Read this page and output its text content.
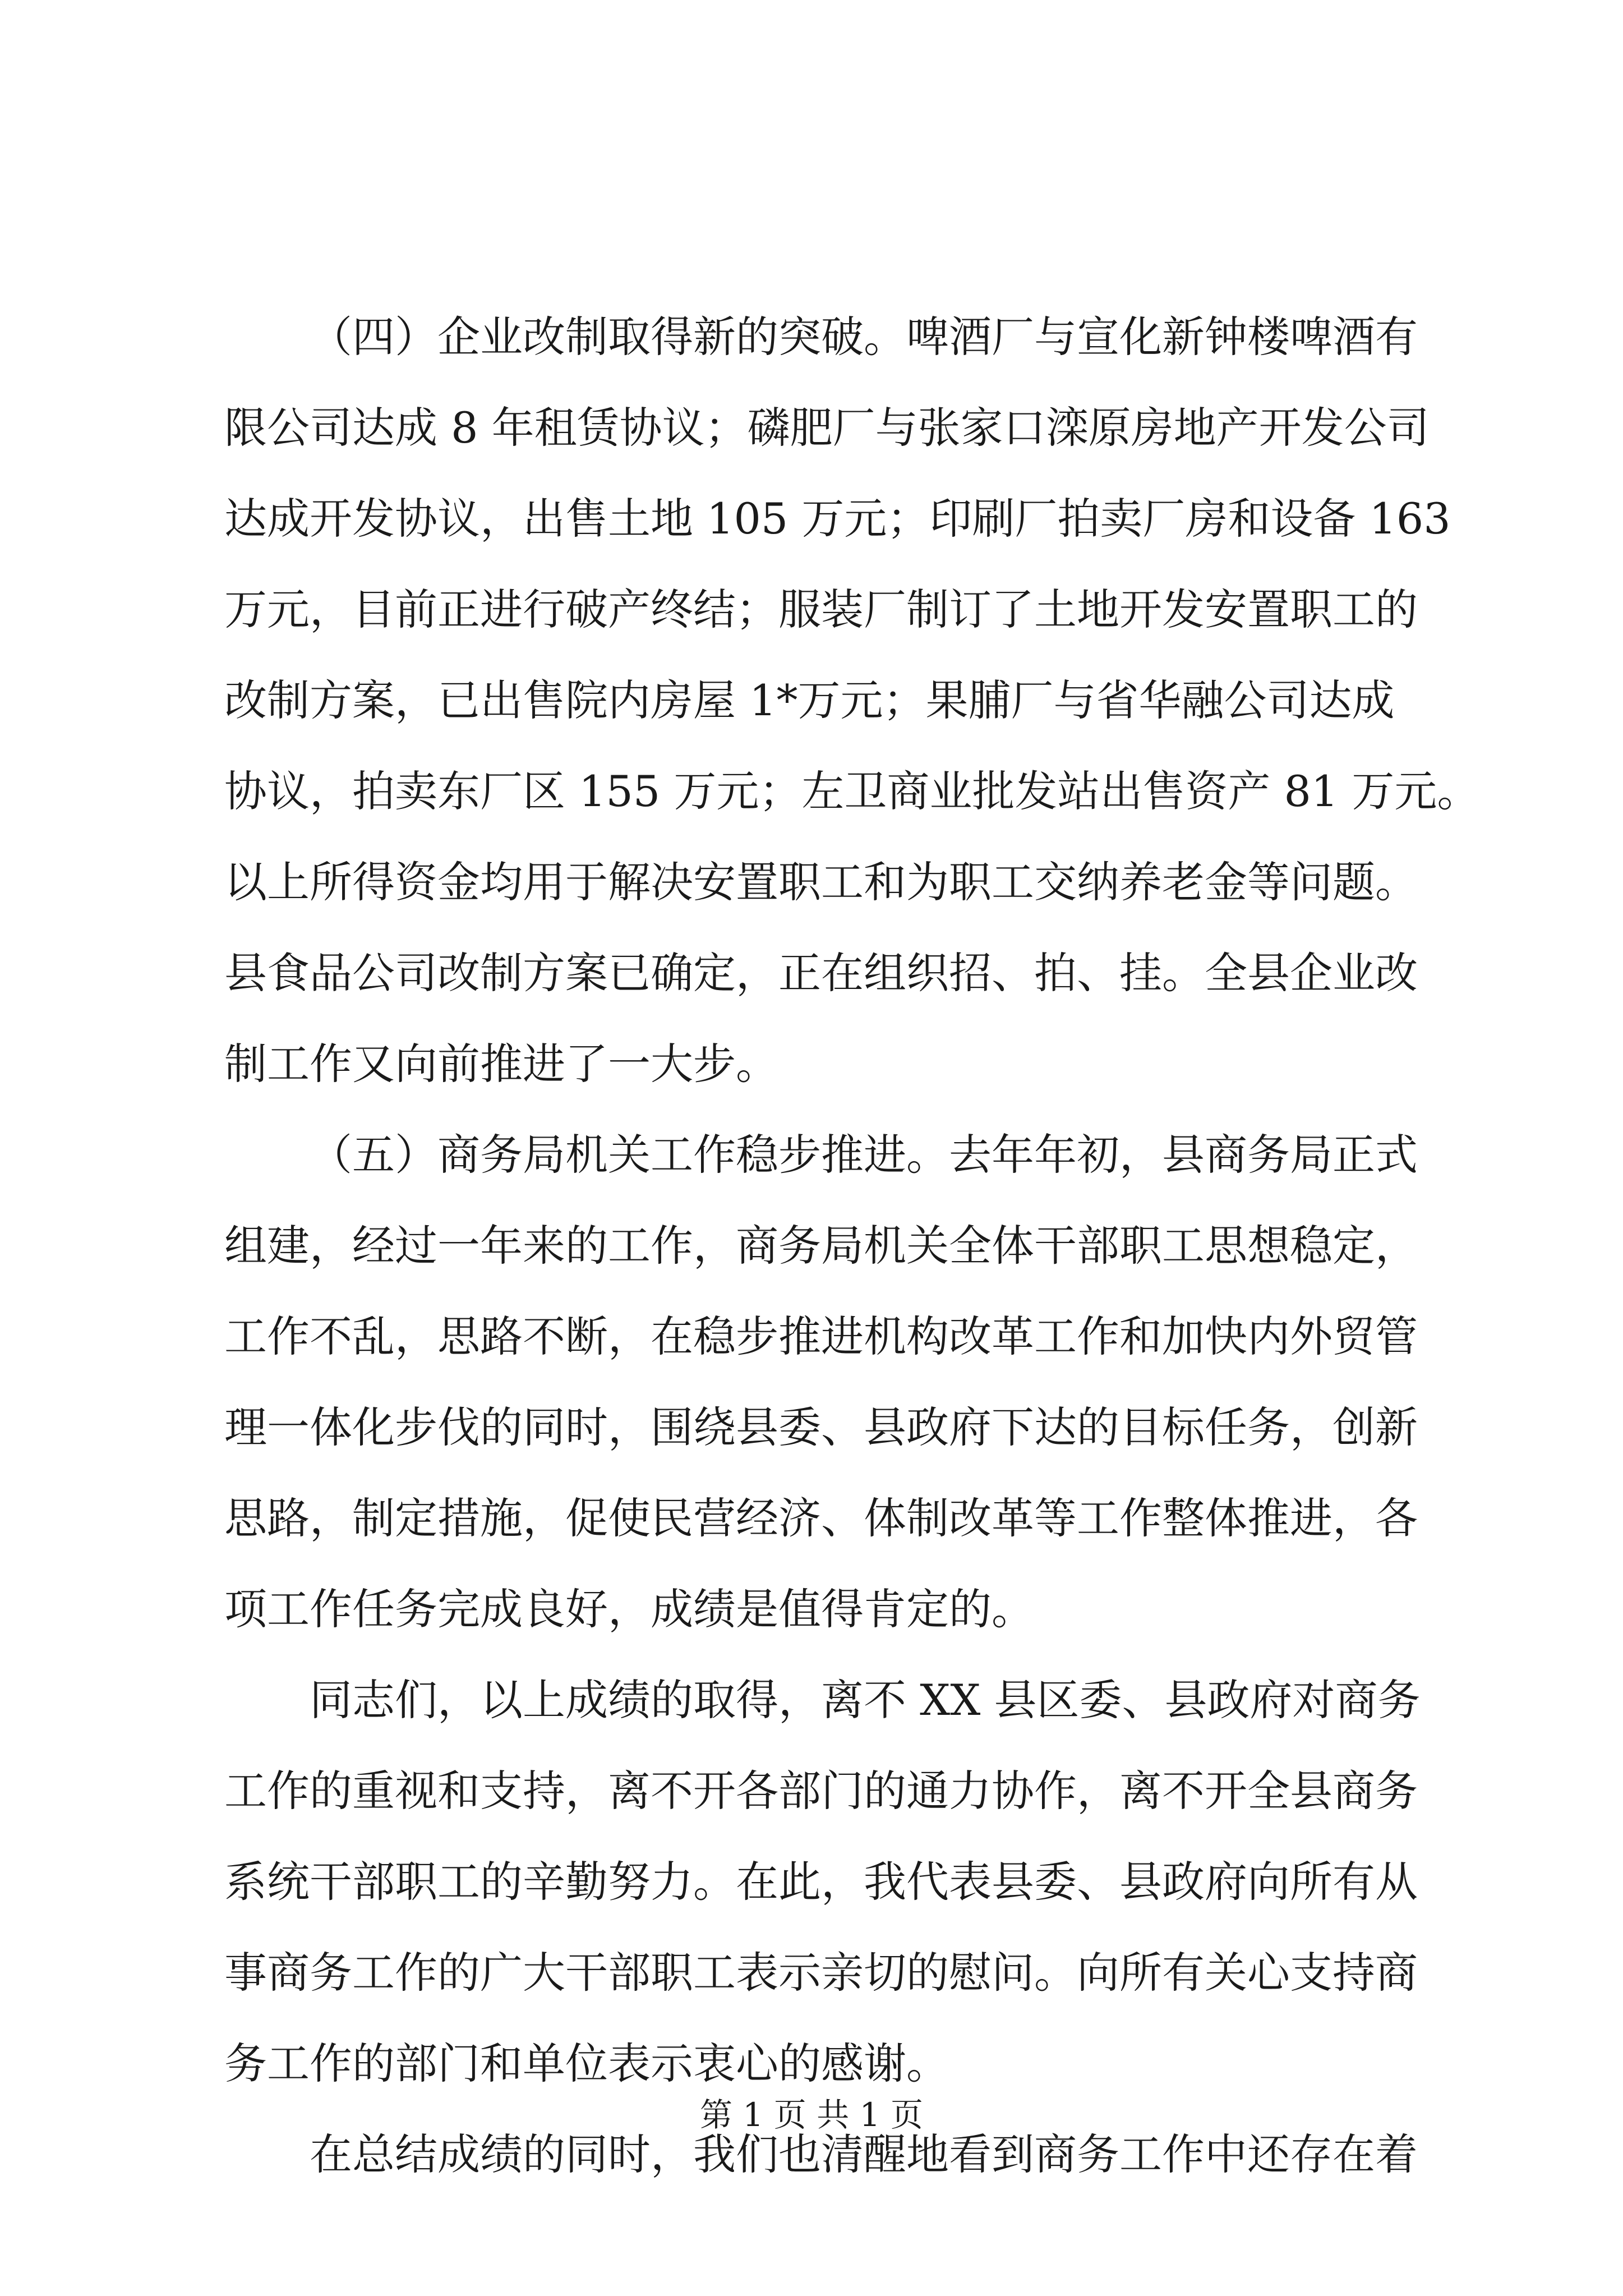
（四）企业改制取得新的突破。啤酒厂与宣化新钟楼啤酒有
限公司达成 8 年租赁协议；磷肥厂与张家口滦原房地产开发公司
达成开发协议，出售土地 105 万元；印刷厂拍卖厂房和设备 163
万元，目前正进行破产终结；服装厂制订了土地开发安置职工的
改制方案，已出售院内房屋 1*万元；果脯厂与省华融公司达成
协议，拍卖东厂区 155 万元；左卫商业批发站出售资产 81 万元。
以上所得资金均用于解决安置职工和为职工交纳养老金等问题。
县食品公司改制方案已确定，正在组织招、拍、挂。全县企业改
制工作又向前推进了一大步。
（五）商务局机关工作稳步推进。去年年初，县商务局正式
组建，经过一年来的工作，商务局机关全体干部职工思想稳定，
工作不乱，思路不断，在稳步推进机构改革工作和加快内外贸管
理一体化步伐的同时，围绕县委、县政府下达的目标任务，创新
思路，制定措施，促使民营经济、体制改革等工作整体推进，各
项工作任务完成良好，成绩是值得肯定的。
同志们，以上成绩的取得，离不 XX 县区委、县政府对商务
工作的重视和支持，离不开各部门的通力协作，离不开全县商务
系统干部职工的辛勤努力。在此，我代表县委、县政府向所有从
事商务工作的广大干部职工表示亲切的慰问。向所有关心支持商
务工作的部门和单位表示衷心的感谢。
在总结成绩的同时，我们也清醒地看到商务工作中还存在着
第 1 页 共 1 页
